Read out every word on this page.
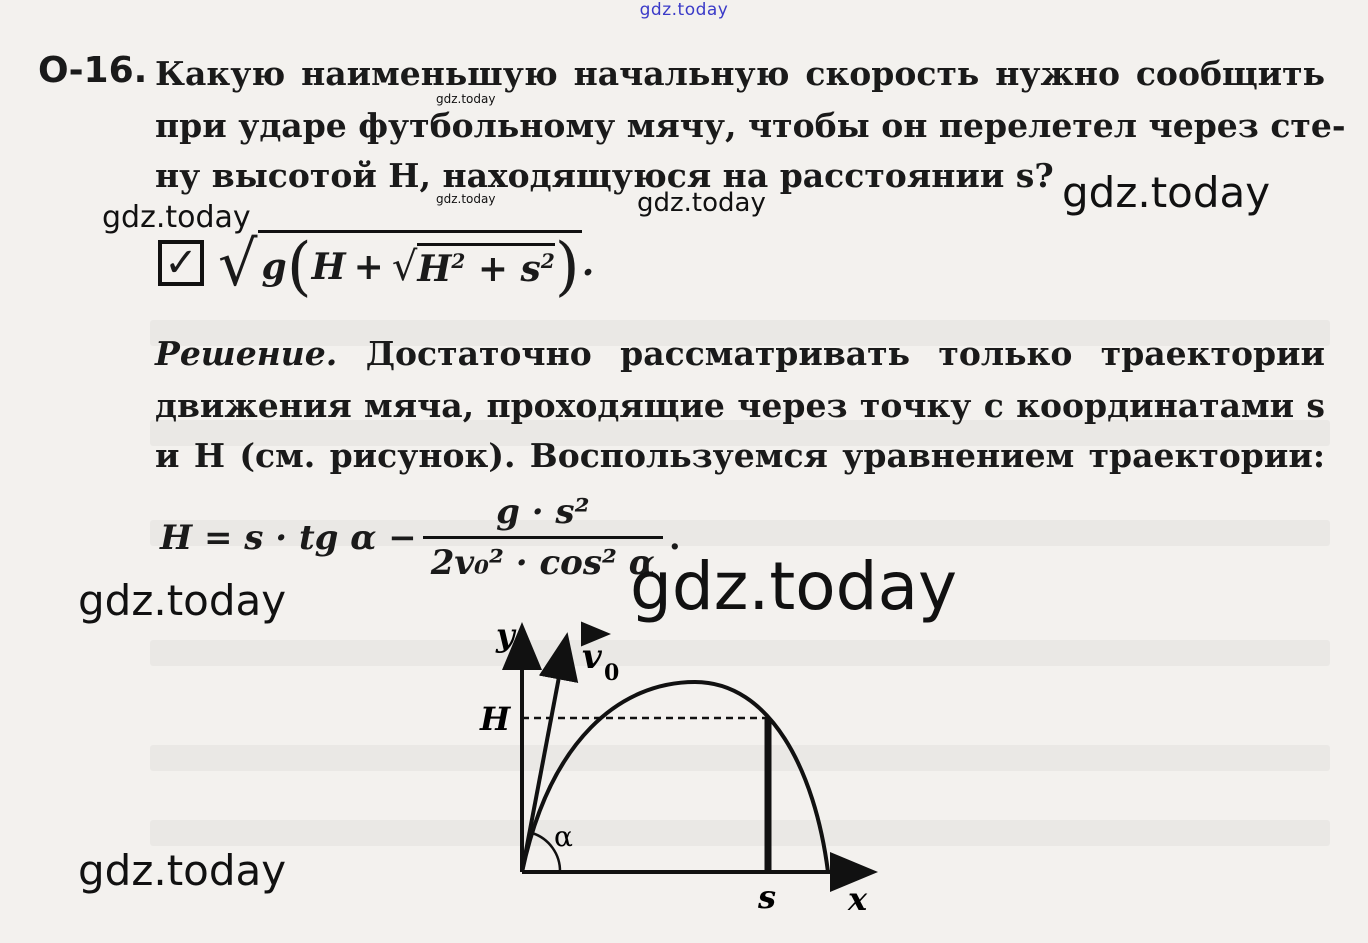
gdz.today
О-16. Какую наименьшую начальную скорость нужно сообщить
при ударе футбольному мячу, чтобы он перелетел через сте-
ну высотой H, находящуюся на расстоянии s?
✓ √ g ( H + √ $H^2 + s^2$ ) .
Решение. Достаточно рассматривать только траектории
движения мяча, проходящие через точку с координатами s
и H (см. рисунок). Воспользуемся уравнением траектории:
H = s · tg $\alpha - \frac{\text{g · s²}}{\text{2v₀² · cos² α}}$ .
y
x
H
s
α
v 0
gdz.today
gdz.today
gdz.today
gdz.today
gdz.today	gdz.today
gdz.today
gdz.today
